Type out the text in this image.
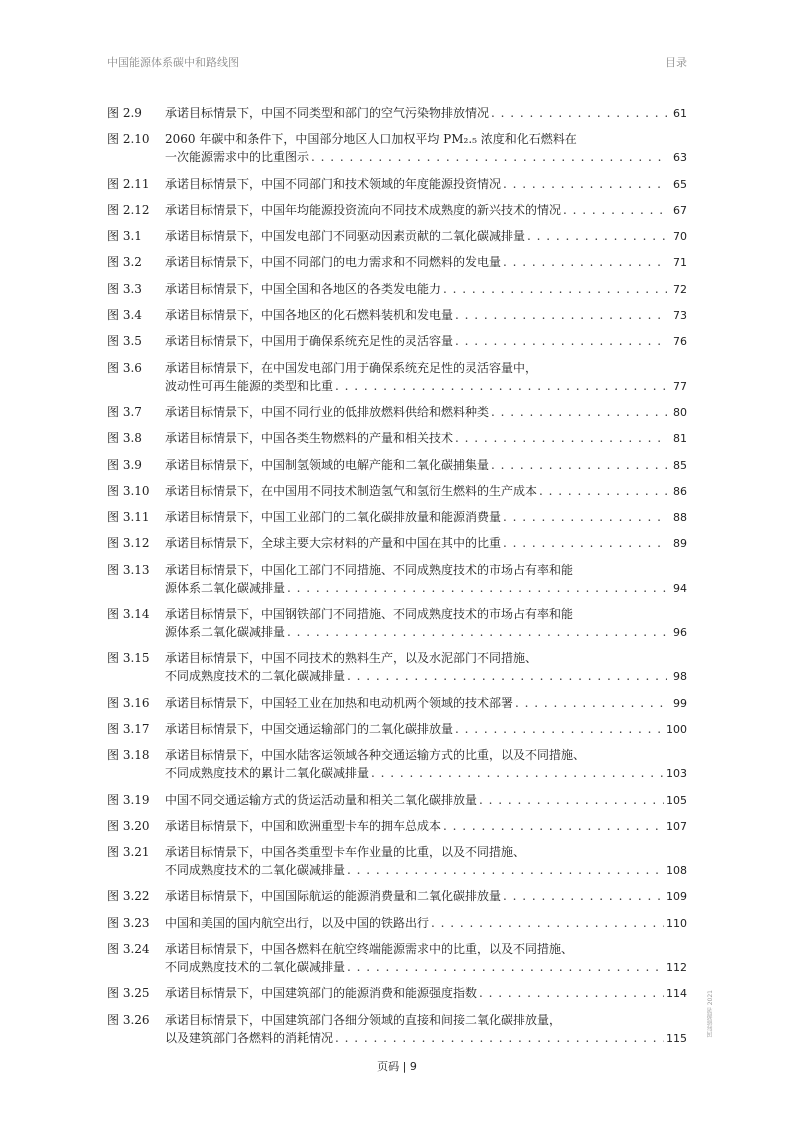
中国能源体系碳中和路线图	目录
图 2.9	承诺目标情景下，中国不同类型和部门的空气污染物排放情况 . . .	61
图 2.10	2060 年碳中和条件下，中国部分地区人口加权平均 PM₂.₅ 浓度和化石燃料在
一次能源需求中的比重图示 . . .	63
图 2.11	承诺目标情景下，中国不同部门和技术领域的年度能源投资情况 . . .	65
图 2.12	承诺目标情景下，中国年均能源投资流向不同技术成熟度的新兴技术的情况 . . .	67
图 3.1	承诺目标情景下，中国发电部门不同驱动因素贡献的二氧化碳减排量 . . .	70
图 3.2	承诺目标情景下，中国不同部门的电力需求和不同燃料的发电量 . . .	71
图 3.3	承诺目标情景下，中国全国和各地区的各类发电能力 . . .	72
图 3.4	承诺目标情景下，中国各地区的化石燃料装机和发电量 . . .	73
图 3.5	承诺目标情景下，中国用于确保系统充足性的灵活容量 . . .	76
图 3.6	承诺目标情景下，在中国发电部门用于确保系统充足性的灵活容量中，
波动性可再生能源的类型和比重 . . .	77
图 3.7	承诺目标情景下，中国不同行业的低排放燃料供给和燃料种类 . . .	80
图 3.8	承诺目标情景下，中国各类生物燃料的产量和相关技术 . . .	81
图 3.9	承诺目标情景下，中国制氢领域的电解产能和二氧化碳捕集量 . . .	85
图 3.10	承诺目标情景下，在中国用不同技术制造氢气和氢衍生燃料的生产成本 . . .	86
图 3.11	承诺目标情景下，中国工业部门的二氧化碳排放量和能源消费量 . . .	88
图 3.12	承诺目标情景下，全球主要大宗材料的产量和中国在其中的比重 . . .	89
图 3.13	承诺目标情景下，中国化工部门不同措施、不同成熟度技术的市场占有率和能
源体系二氧化碳减排量 . . .	94
图 3.14	承诺目标情景下，中国钢铁部门不同措施、不同成熟度技术的市场占有率和能
源体系二氧化碳减排量 . . .	96
图 3.15	承诺目标情景下，中国不同技术的熟料生产，以及水泥部门不同措施、
不同成熟度技术的二氧化碳减排量 . . .	98
图 3.16	承诺目标情景下，中国轻工业在加热和电动机两个领域的技术部署 . . .	99
图 3.17	承诺目标情景下，中国交通运输部门的二氧化碳排放量 . . .	100
图 3.18	承诺目标情景下，中国水陆客运领域各种交通运输方式的比重，以及不同措施、
不同成熟度技术的累计二氧化碳减排量 . . .	103
图 3.19	中国不同交通运输方式的货运活动量和相关二氧化碳排放量 . . .	105
图 3.20	承诺目标情景下，中国和欧洲重型卡车的拥车总成本 . . .	107
图 3.21	承诺目标情景下，中国各类重型卡车作业量的比重，以及不同措施、
不同成熟度技术的二氧化碳减排量 . . .	108
图 3.22	承诺目标情景下，中国国际航运的能源消费量和二氧化碳排放量 . . .	109
图 3.23	中国和美国的国内航空出行，以及中国的铁路出行 . . .	110
图 3.24	承诺目标情景下，中国各燃料在航空终端能源需求中的比重，以及不同措施、
不同成熟度技术的二氧化碳减排量 . . .	112
图 3.25	承诺目标情景下，中国建筑部门的能源消费和能源强度指数 . . .	114
图 3.26	承诺目标情景下，中国建筑部门各细分领域的直接和间接二氧化碳排放量，
以及建筑部门各燃料的消耗情况 . . .	115
页码 | 9
国际能源署 2021
